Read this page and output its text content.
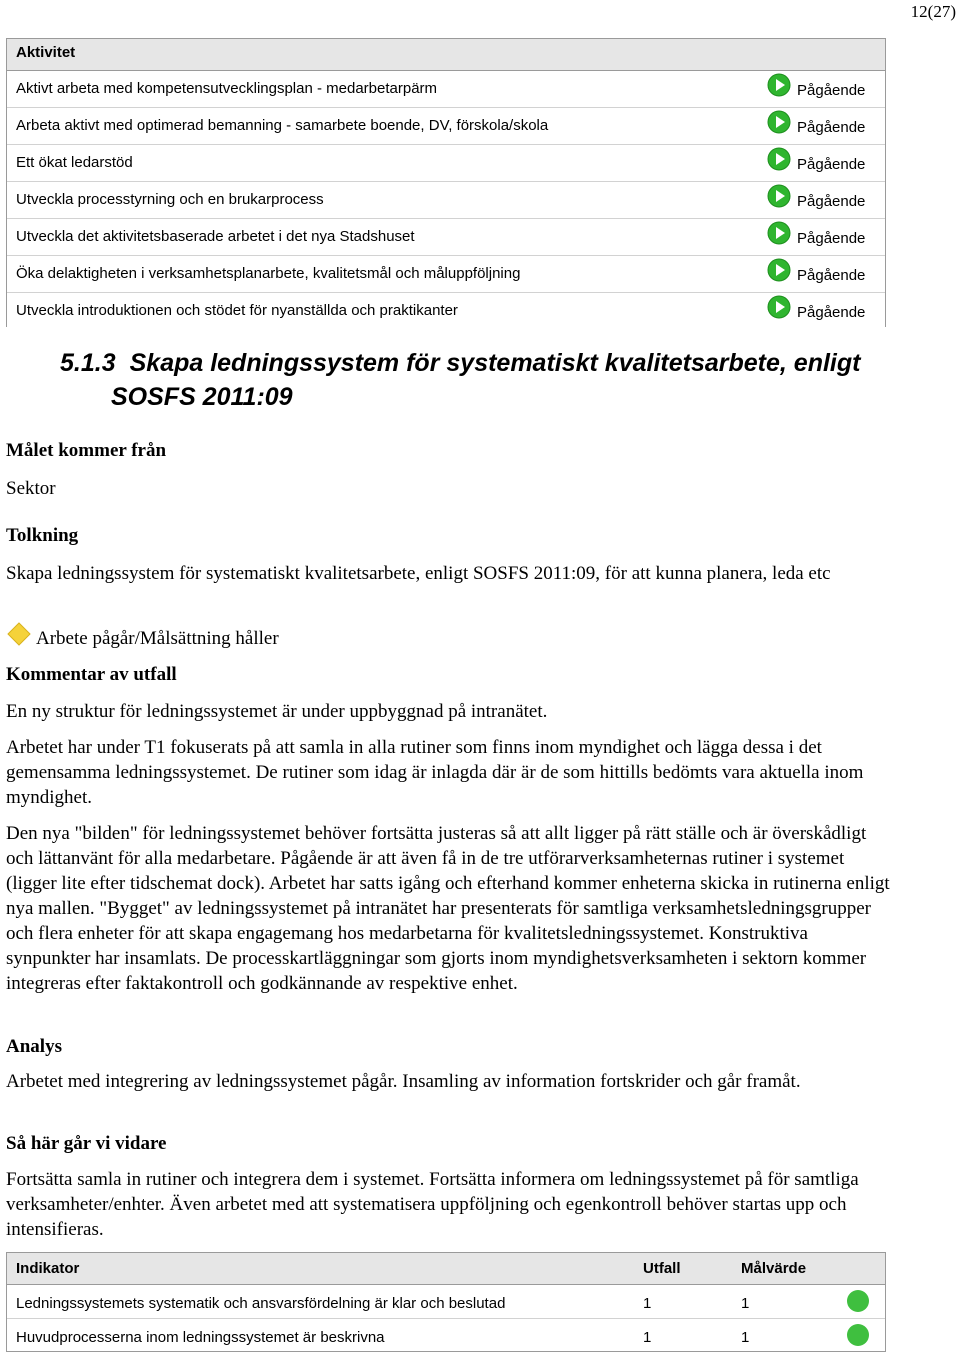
12(27)
Aktivitet
Aktivt arbeta med kompetensutvecklingsplan - medarbetarpärm	Pågående
Arbeta aktivt med optimerad bemanning - samarbete boende, DV, förskola/skola	Pågående
Ett ökat ledarstöd	Pågående
Utveckla processtyrning och en brukarprocess	Pågående
Utveckla det aktivitetsbaserade arbetet i det nya Stadshuset	Pågående
Öka delaktigheten i verksamhetsplanarbete, kvalitetsmål och måluppföljning	Pågående
Utveckla introduktionen och stödet för nyanställda och praktikanter	Pågående
5.1.3 Skapa ledningssystem för systematiskt kvalitetsarbete, enligt
SOSFS 2011:09
Målet kommer från
Sektor
Tolkning
Skapa ledningssystem för systematiskt kvalitetsarbete, enligt SOSFS 2011:09, för att kunna planera, leda etc
Arbete pågår/Målsättning håller
Kommentar av utfall
En ny struktur för ledningssystemet är under uppbyggnad på intranätet.
Arbetet har under T1 fokuserats på att samla in alla rutiner som finns inom myndighet och lägga dessa i det gemensamma ledningssystemet. De rutiner som idag är inlagda där är de som hittills bedömts vara aktuella inom myndighet.
Den nya "bilden" för ledningssystemet behöver fortsätta justeras så att allt ligger på rätt ställe och är överskådligt och lättanvänt för alla medarbetare. Pågående är att även få in de tre utförarverksamheternas rutiner i systemet (ligger lite efter tidschemat dock). Arbetet har satts igång och efterhand kommer enheterna skicka in rutinerna enligt nya mallen. "Bygget" av ledningssystemet på intranätet har presenterats för samtliga verksamhetsledningsgrupper och flera enheter för att skapa engagemang hos medarbetarna för kvalitetsledningssystemet. Konstruktiva synpunkter har insamlats. De processkartläggningar som gjorts inom myndighetsverksamheten i sektorn kommer integreras efter faktakontroll och godkännande av respektive enhet.
Analys
Arbetet med integrering av ledningssystemet pågår. Insamling av information fortskrider och går framåt.
Så här går vi vidare
Fortsätta samla in rutiner och integrera dem i systemet. Fortsätta informera om ledningssystemet på för samtliga verksamheter/enhter. Även arbetet med att systematisera uppföljning och egenkontroll behöver startas upp och intensifieras.
Indikator	Utfall	Målvärde
Ledningssystemets systematik och ansvarsfördelning är klar och beslutad	1	1
Huvudprocesserna inom ledningssystemet är beskrivna	1	1
